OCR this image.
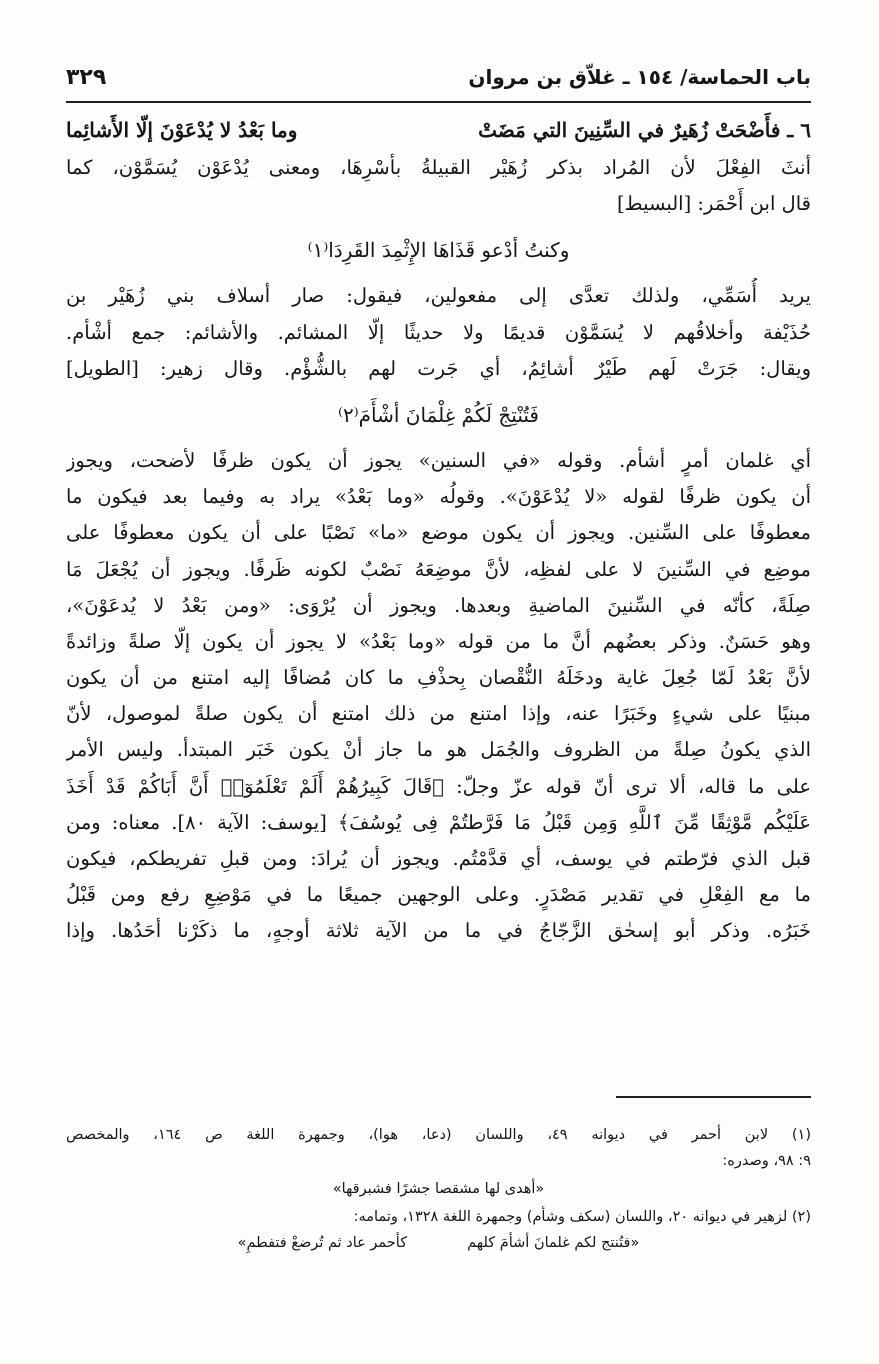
باب الحماسة/ ١٥٤ ـ غلاّق بن مروان
٣٢٩
٦ ـ فأَضْحَتْ زُهَيرٌ في السِّنِينَ التي مَضَتْ
وما بَعْدُ لا يُدْعَوْنَ إلّا الأَشائِما
أنثَ الفِعْلَ لأن المُراد بذكر زُهَيْر القبيلةُ بأسْرِهَا، ومعنى يُدْعَوْن يُسَمَّوْن، كما
قال ابن أَحْمَر: [البسيط]
وكنتُ أدْعو قَذَاهَا الإِثْمِدَ القَرِدَا⁽١⁾
يريد أُسَمِّي، ولذلك تعدَّى إلى مفعولين، فيقول: صار أسلاف بني زُهَيْر بن
حُذَيْفة وأخلاقُهم لا يُسَمَّوْن قديمًا ولا حديثًا إلّا المشائم. والأشائم: جمع أشْأم.
ويقال: جَرَتْ لَهم طَيْرٌ أشائِمُ، أي جَرت لهم بالشُّؤْم. وقال زهير: [الطويل]
فَتُنْتِجْ لَكُمْ غِلْمَانَ أشْأَمَ⁽٢⁾
أي غلمان أمرٍ أشأم. وقوله «في السنين» يجوز أن يكون ظرفًا لأضحت، ويجوز
أن يكون ظرفًا لقوله «لا يُدْعَوْنَ». وقولُه «وما بَعْدُ» يراد به وفيما بعد فيكون ما
معطوفًا على السِّنين. ويجوز أن يكون موضع «ما» نَصْبًا على أن يكون معطوفًا على
موضِع في السِّنينَ لا على لفظِه، لأنَّ موضِعَهُ نَصْبٌ لكونه ظَرفًا. ويجوز أن يُجْعَلَ مَا
صِلَةً، كأنّه في السِّنينَ الماضيةِ وبعدها. ويجوز أن يُرْوَى: «ومن بَعْدُ لا يُدعَوْنَ»،
وهو حَسَنٌ. وذكر بعضُهم أنَّ ما من قوله «وما بَعْدُ» لا يجوز أن يكون إلّا صلةً وزائدةً
لأنَّ بَعْدُ لَمّا جُعِلَ غاية ودخَلَهُ النُّقْصان بِحذْفِ ما كان مُضافًا إليه امتنع من أن يكون
مبنيًا على شيءٍ وخَبَرًا عنه، وإذا امتنع من ذلك امتنع أن يكون صلةً لموصول، لأنّ
الذي يكونُ صِلةً من الظروف والجُمَل هو ما جاز أنْ يكون خَبَر المبتدأ. وليس الأمر
على ما قاله، ألا ترى أنّ قوله عزّ وجلّ: ﴿قَالَ كَبِيرُهُمْ أَلَمْ تَعْلَمُوٓا۟ أَنَّ أَبَاكُمْ قَدْ أَخَذَ
عَلَيْكُم مَّوْثِقًا مِّنَ ٱللَّهِ وَمِن قَبْلُ مَا فَرَّطتُمْ فِى يُوسُفَ﴾ [يوسف: الآية ٨٠]. معناه: ومن
قبل الذي فرّطتم في يوسف، أي قدَّمْتُم. ويجوز أن يُرادَ: ومن قبلِ تفريطكم، فيكون
ما مع الفِعْلِ في تقدير مَصْدَرٍ. وعلى الوجهين جميعًا ما في مَوْضِعِ رفع ومن قَبْلُ
خَبَرُه. وذكر أبو إسحٰق الزَّجّاجُ في ما من الآية ثلاثة أوجهٍ، ما ذكَرْنا أحَدُها. وإذا
(١) لابن أحمر في ديوانه ٤٩، واللسان (دعا، هوا)، وجمهرة اللغة ص ١٦٤، والمخصص
٩: ٩٨، وصدره:
«أهدى لها مشقصا جشرًا فشبرقها»
(٢) لزهير في ديوانه ٢٠، واللسان (سكف وشأم) وجمهرة اللغة ١٣٢٨، وتمامه:
«فتُنتج لكم غلمانَ أشأمَ كلهم
كأحمر عاد ثم تُرضعْ فتفطمِ»
